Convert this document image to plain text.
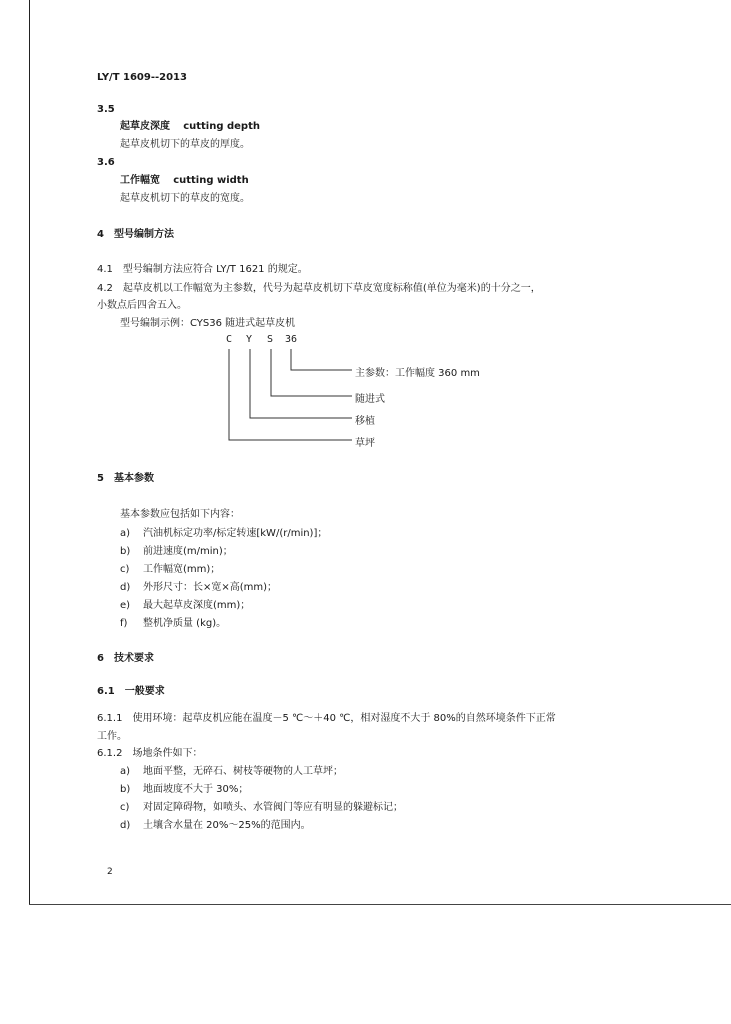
LY/T 1609--2013
3.5
起草皮深度 cutting depth
起草皮机切下的草皮的厚度。
3.6
工作幅宽 cutting width
起草皮机切下的草皮的宽度。
4　型号编制方法
4.1　型号编制方法应符合 LY/T 1621 的规定。
4.2　起草皮机以工作幅宽为主参数，代号为起草皮机切下草皮宽度标称值(单位为毫米)的十分之一，
小数点后四舍五入。
型号编制示例：CYS36 随进式起草皮机
C Y S 36
主参数：工作幅度 360 mm
随进式
移植
草坪
5　基本参数
基本参数应包括如下内容：
a) 汽油机标定功率/标定转速[kW/(r/min)]；
b) 前进速度(m/min)；
c) 工作幅宽(mm)；
d) 外形尺寸：长×宽×高(mm)；
e) 最大起草皮深度(mm)；
f) 整机净质量 (kg)。
6　技术要求
6.1　一般要求
6.1.1　使用环境：起草皮机应能在温度－5 ℃～＋40 ℃，相对湿度不大于 80%的自然环境条件下正常
工作。
6.1.2　场地条件如下：
a) 地面平整，无碎石、树枝等硬物的人工草坪；
b) 地面坡度不大于 30%；
c) 对固定障碍物，如喷头、水管阀门等应有明显的躲避标记；
d) 土壤含水量在 20%～25%的范围内。
2
